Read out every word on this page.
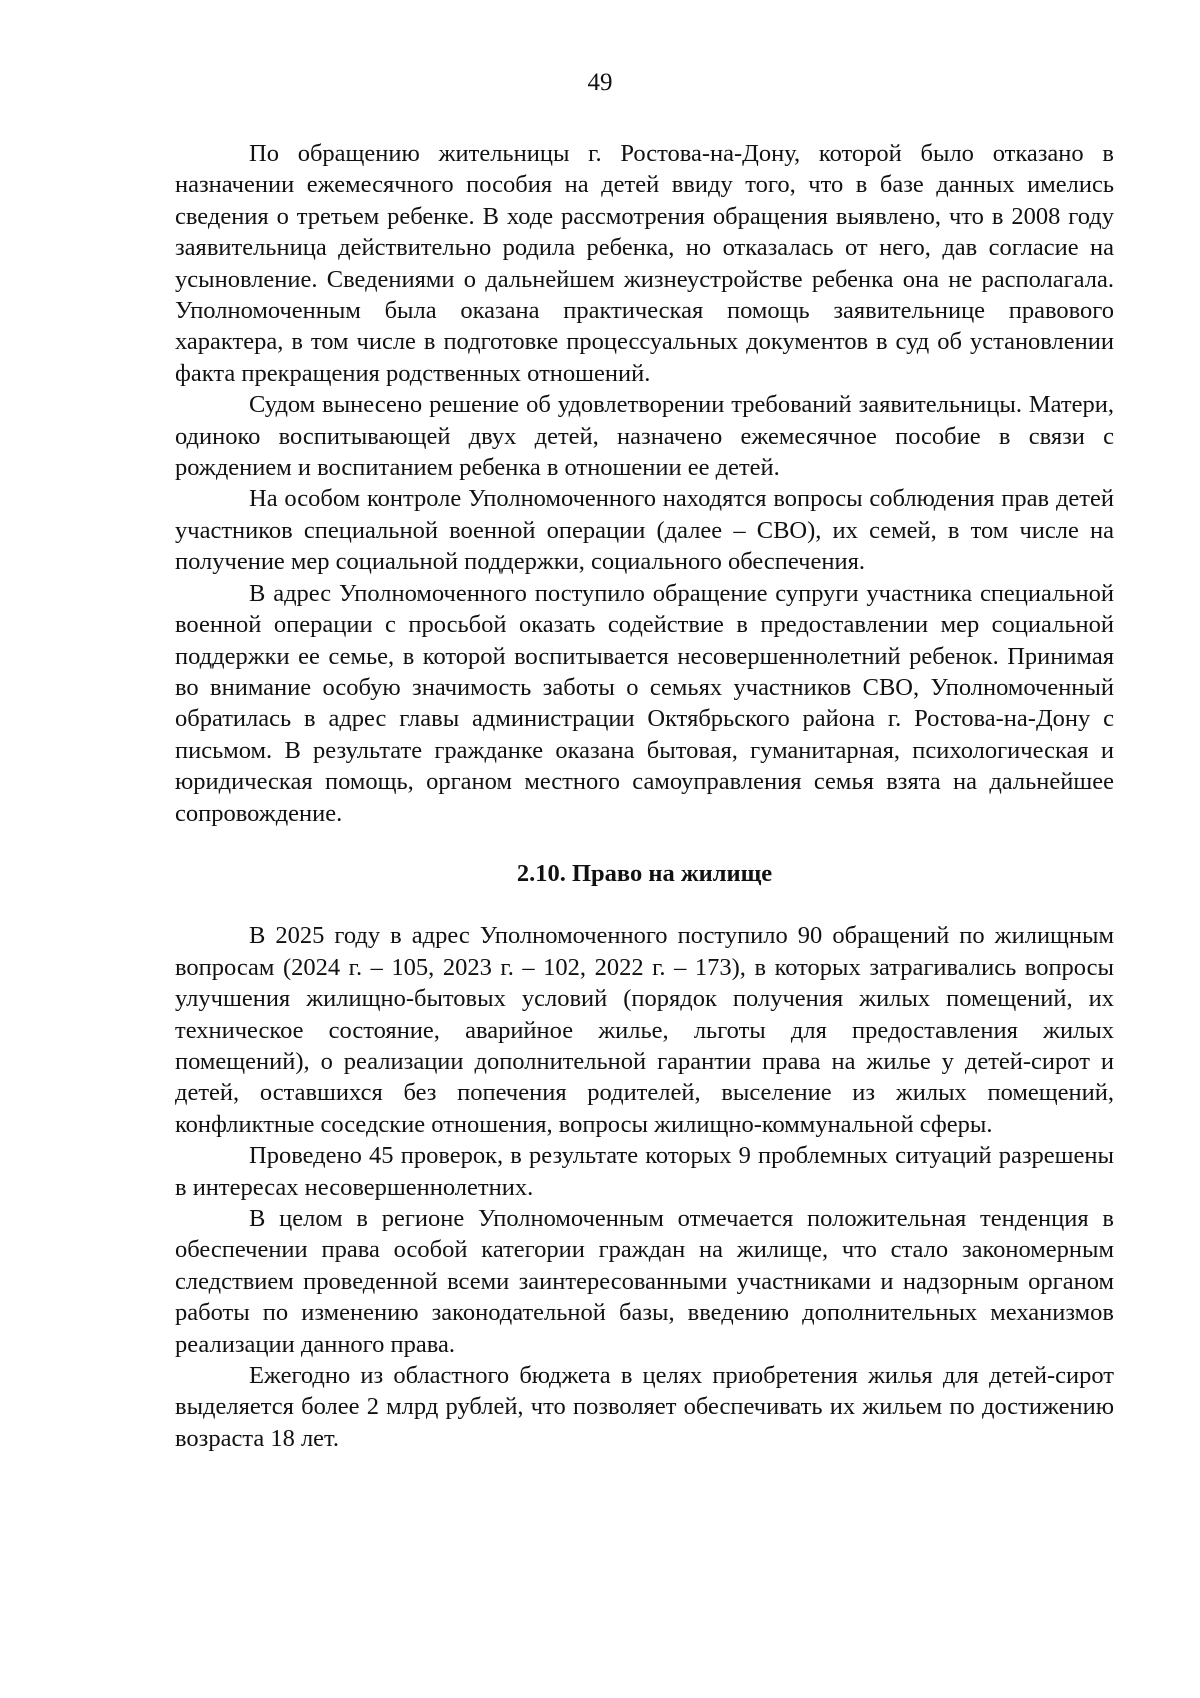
49

По обращению жительницы г. Ростова-на-Дону, которой было отказано в назначении ежемесячного пособия на детей ввиду того, что в базе данных имелись сведения о третьем ребенке. В ходе рассмотрения обращения выявлено, что в 2008 году заявительница действительно родила ребенка, но отказалась от него, дав согласие на усыновление. Сведениями о дальнейшем жизнеустройстве ребенка она не располагала. Уполномоченным была оказана практическая помощь заявительнице правового характера, в том числе в подготовке процессуальных документов в суд об установлении факта прекращения родственных отношений.

Судом вынесено решение об удовлетворении требований заявительницы. Матери, одиноко воспитывающей двух детей, назначено ежемесячное пособие в связи с рождением и воспитанием ребенка в отношении ее детей.

На особом контроле Уполномоченного находятся вопросы соблюдения прав детей участников специальной военной операции (далее – СВО), их семей, в том числе на получение мер социальной поддержки, социального обеспечения.

В адрес Уполномоченного поступило обращение супруги участника специальной военной операции с просьбой оказать содействие в предоставлении мер социальной поддержки ее семье, в которой воспитывается несовершеннолетний ребенок. Принимая во внимание особую значимость заботы о семьях участников СВО, Уполномоченный обратилась в адрес главы администрации Октябрьского района г. Ростова-на-Дону с письмом. В результате гражданке оказана бытовая, гуманитарная, психологическая и юридическая помощь, органом местного самоуправления семья взята на дальнейшее сопровождение.

2.10. Право на жилище

В 2025 году в адрес Уполномоченного поступило 90 обращений по жилищным вопросам (2024 г. – 105, 2023 г. – 102, 2022 г. – 173), в которых затрагивались вопросы улучшения жилищно-бытовых условий (порядок получения жилых помещений, их техническое состояние, аварийное жилье, льготы для предоставления жилых помещений), о реализации дополнительной гарантии права на жилье у детей-сирот и детей, оставшихся без попечения родителей, выселение из жилых помещений, конфликтные соседские отношения, вопросы жилищно-коммунальной сферы.

Проведено 45 проверок, в результате которых 9 проблемных ситуаций разрешены в интересах несовершеннолетних.

В целом в регионе Уполномоченным отмечается положительная тенденция в обеспечении права особой категории граждан на жилище, что стало закономерным следствием проведенной всеми заинтересованными участниками и надзорным органом работы по изменению законодательной базы, введению дополнительных механизмов реализации данного права.

Ежегодно из областного бюджета в целях приобретения жилья для детей-сирот выделяется более 2 млрд рублей, что позволяет обеспечивать их жильем по достижению возраста 18 лет.
